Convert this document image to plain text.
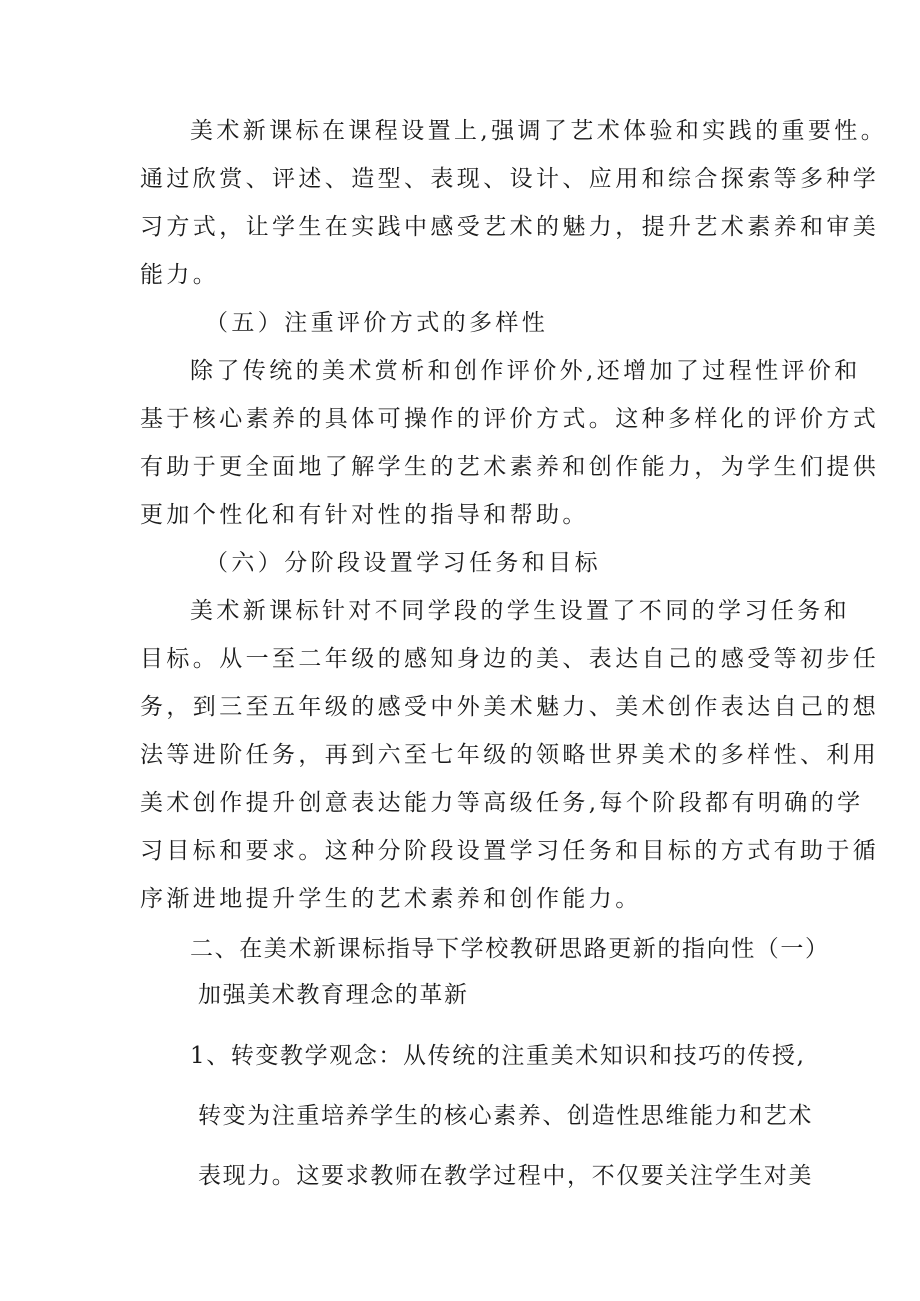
美术新课标在课程设置上,强调了艺术体验和实践的重要性。
通过欣赏、评述、造型、表现、设计、应用和综合探索等多种学
习方式，让学生在实践中感受艺术的魅力，提升艺术素养和审美
能力。
（五）注重评价方式的多样性
除了传统的美术赏析和创作评价外,还增加了过程性评价和
基于核心素养的具体可操作的评价方式。这种多样化的评价方式
有助于更全面地了解学生的艺术素养和创作能力，为学生们提供
更加个性化和有针对性的指导和帮助。
（六）分阶段设置学习任务和目标
美术新课标针对不同学段的学生设置了不同的学习任务和
目标。从一至二年级的感知身边的美、表达自己的感受等初步任
务，到三至五年级的感受中外美术魅力、美术创作表达自己的想
法等进阶任务，再到六至七年级的领略世界美术的多样性、利用
美术创作提升创意表达能力等高级任务,每个阶段都有明确的学
习目标和要求。这种分阶段设置学习任务和目标的方式有助于循
序渐进地提升学生的艺术素养和创作能力。
二、在美术新课标指导下学校教研思路更新的指向性（一）
加强美术教育理念的革新
1、转变教学观念：从传统的注重美术知识和技巧的传授,
转变为注重培养学生的核心素养、创造性思维能力和艺术
表现力。这要求教师在教学过程中，不仅要关注学生对美
